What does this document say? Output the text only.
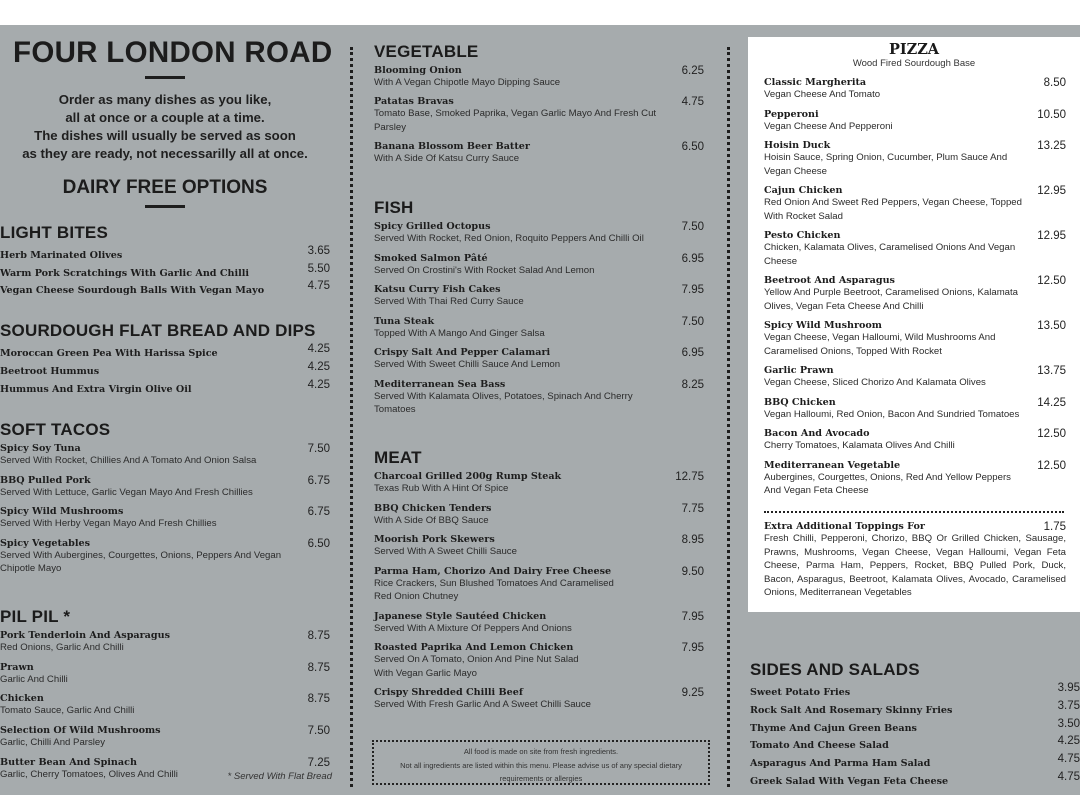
FOUR LONDON ROAD
Order as many dishes as you like,
all at once or a couple at a time.
The dishes will usually be served as soon
as they are ready, not necessarilly all at once.
DAIRY FREE OPTIONS
LIGHT BITES
Herb Marinated Olives	3.65
Warm Pork Scratchings With Garlic And Chilli	5.50
Vegan Cheese Sourdough Balls With Vegan Mayo	4.75
SOURDOUGH FLAT BREAD AND DIPS
Moroccan Green Pea With Harissa Spice	4.25
Beetroot Hummus	4.25
Hummus And Extra Virgin Olive Oil	4.25
SOFT TACOS
Spicy Soy Tuna
Served With Rocket, Chillies And A Tomato And Onion Salsa
7.50
BBQ Pulled Pork
Served With Lettuce, Garlic Vegan Mayo And Fresh Chillies
6.75
Spicy Wild Mushrooms
Served With Herby Vegan Mayo And Fresh Chillies
6.75
Spicy Vegetables
Served With Aubergines, Courgettes, Onions, Peppers And Vegan Chipotle Mayo
6.50
PIL PIL *
Pork Tenderloin And Asparagus
Red Onions, Garlic And Chilli
8.75
Prawn
Garlic And Chilli
8.75
Chicken
Tomato Sauce, Garlic And Chilli
8.75
Selection Of Wild Mushrooms
Garlic, Chilli And Parsley
7.50
Butter Bean And Spinach
Garlic, Cherry Tomatoes, Olives And Chilli
7.25
* Served With Flat Bread
VEGETABLE
Blooming Onion
With A Vegan Chipotle Mayo Dipping Sauce
6.25
Patatas Bravas
Tomato Base, Smoked Paprika, Vegan Garlic Mayo And Fresh Cut Parsley
4.75
Banana Blossom Beer Batter
With A Side Of Katsu Curry Sauce
6.50
FISH
Spicy Grilled Octopus
Served With Rocket, Red Onion, Roquito Peppers And Chilli Oil
7.50
Smoked Salmon Pâté
Served On Crostini's With Rocket Salad And Lemon
6.95
Katsu Curry Fish Cakes
Served With Thai Red Curry Sauce
7.95
Tuna Steak
Topped With A Mango And Ginger Salsa
7.50
Crispy Salt And Pepper Calamari
Served With Sweet Chilli Sauce And Lemon
6.95
Mediterranean Sea Bass
Served With Kalamata Olives, Potatoes, Spinach And Cherry Tomatoes
8.25
MEAT
Charcoal Grilled 200g Rump Steak
Texas Rub With A Hint Of Spice
12.75
BBQ Chicken Tenders
With A Side Of BBQ Sauce
7.75
Moorish Pork Skewers
Served With A Sweet Chilli Sauce
8.95
Parma Ham, Chorizo And Dairy Free Cheese
Rice Crackers, Sun Blushed Tomatoes And Caramelised Red Onion Chutney
9.50
Japanese Style Sautéed Chicken
Served With A Mixture Of Peppers And Onions
7.95
Roasted Paprika And Lemon Chicken
Served On A Tomato, Onion And Pine Nut Salad With Vegan Garlic Mayo
7.95
Crispy Shredded Chilli Beef
Served With Fresh Garlic And A Sweet Chilli Sauce
9.25
All food is made on site from fresh ingredients.
Not all ingredients are listed within this menu. Please advise us of any special dietary requirements or allergies
PIZZA
Wood Fired Sourdough Base
Classic Margherita
Vegan Cheese And Tomato
8.50
Pepperoni
Vegan Cheese And Pepperoni
10.50
Hoisin Duck
Hoisin Sauce, Spring Onion, Cucumber, Plum Sauce And Vegan Cheese
13.25
Cajun Chicken
Red Onion And Sweet Red Peppers, Vegan Cheese, Topped With Rocket Salad
12.95
Pesto Chicken
Chicken, Kalamata Olives, Caramelised Onions And Vegan Cheese
12.95
Beetroot And Asparagus
Yellow And Purple Beetroot, Caramelised Onions, Kalamata Olives, Vegan Feta Cheese And Chilli
12.50
Spicy Wild Mushroom
Vegan Cheese, Vegan Halloumi, Wild Mushrooms And Caramelised Onions, Topped With Rocket
13.50
Garlic Prawn
Vegan Cheese, Sliced Chorizo And Kalamata Olives
13.75
BBQ Chicken
Vegan Halloumi, Red Onion, Bacon And Sundried Tomatoes
14.25
Bacon And Avocado
Cherry Tomatoes, Kalamata Olives And Chilli
12.50
Mediterranean Vegetable
Aubergines, Courgettes, Onions, Red And Yellow Peppers And Vegan Feta Cheese
12.50
Extra Additional Toppings For
Fresh Chilli, Pepperoni, Chorizo, BBQ Or Grilled Chicken, Sausage, Prawns, Mushrooms, Vegan Cheese, Vegan Halloumi, Vegan Feta Cheese, Parma Ham, Peppers, Rocket, BBQ Pulled Pork, Duck, Bacon, Asparagus, Beetroot, Kalamata Olives, Avocado, Caramelised Onions, Mediterranean Vegetables
1.75
SIDES AND SALADS
Sweet Potato Fries	3.95
Rock Salt And Rosemary Skinny Fries	3.75
Thyme And Cajun Green Beans	3.50
Tomato And Cheese Salad	4.25
Asparagus And Parma Ham Salad	4.75
Greek Salad With Vegan Feta Cheese	4.75
